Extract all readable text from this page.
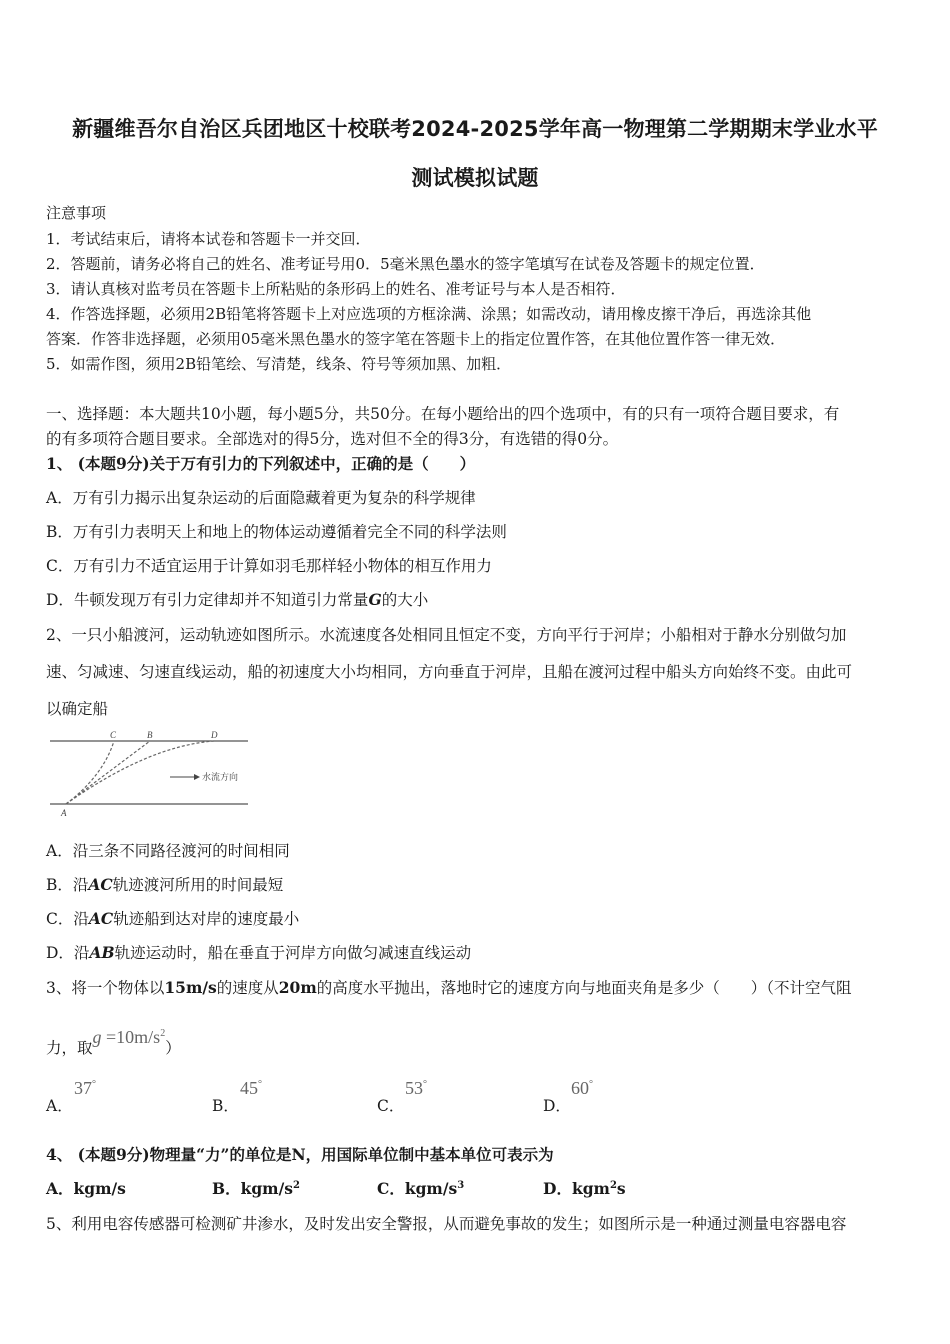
新疆维吾尔自治区兵团地区十校联考2024-2025学年高一物理第二学期期末学业水平
测试模拟试题
注意事项
1．考试结束后，请将本试卷和答题卡一并交回．
2．答题前，请务必将自己的姓名、准考证号用0．5毫米黑色墨水的签字笔填写在试卷及答题卡的规定位置．
3．请认真核对监考员在答题卡上所粘贴的条形码上的姓名、准考证号与本人是否相符．
4．作答选择题，必须用2B铅笔将答题卡上对应选项的方框涂满、涂黑；如需改动，请用橡皮擦干净后，再选涂其他
答案．作答非选择题，必须用05毫米黑色墨水的签字笔在答题卡上的指定位置作答，在其他位置作答一律无效．
5．如需作图，须用2B铅笔绘、写清楚，线条、符号等须加黑、加粗．
一、选择题：本大题共10小题，每小题5分，共50分。在每小题给出的四个选项中，有的只有一项符合题目要求，有
的有多项符合题目要求。全部选对的得5分，选对但不全的得3分，有选错的得0分。
1、 (本题9分)关于万有引力的下列叙述中，正确的是（　　）
A．万有引力揭示出复杂运动的后面隐藏着更为复杂的科学规律
B．万有引力表明天上和地上的物体运动遵循着完全不同的科学法则
C．万有引力不适宜运用于计算如羽毛那样轻小物体的相互作用力
D．牛顿发现万有引力定律却并不知道引力常量G的大小
2、一只小船渡河，运动轨迹如图所示。水流速度各处相同且恒定不变，方向平行于河岸；小船相对于静水分别做匀加
速、匀减速、匀速直线运动，船的初速度大小均相同，方向垂直于河岸，且船在渡河过程中船头方向始终不变。由此可
以确定船
C	B	D
A
水流方向
A．沿三条不同路径渡河的时间相同
B．沿AC轨迹渡河所用的时间最短
C．沿AC轨迹船到达对岸的速度最小
D．沿AB轨迹运动时，船在垂直于河岸方向做匀减速直线运动
3、将一个物体以15m/s的速度从20m的高度水平抛出，落地时它的速度方向与地面夹角是多少（　　）（不计空气阻
力，取$g =10m/s^2$）
A．
37°
B．
45°
C．
53°
D．
60°
4、 (本题9分)物理量“力”的单位是N，用国际单位制中基本单位可表示为
A．kgm/s	B．kgm/$s^2$	C．kgm/$s^3$	D．kgm$^2$s
5、利用电容传感器可检测矿井渗水，及时发出安全警报，从而避免事故的发生；如图所示是一种通过测量电容器电容
